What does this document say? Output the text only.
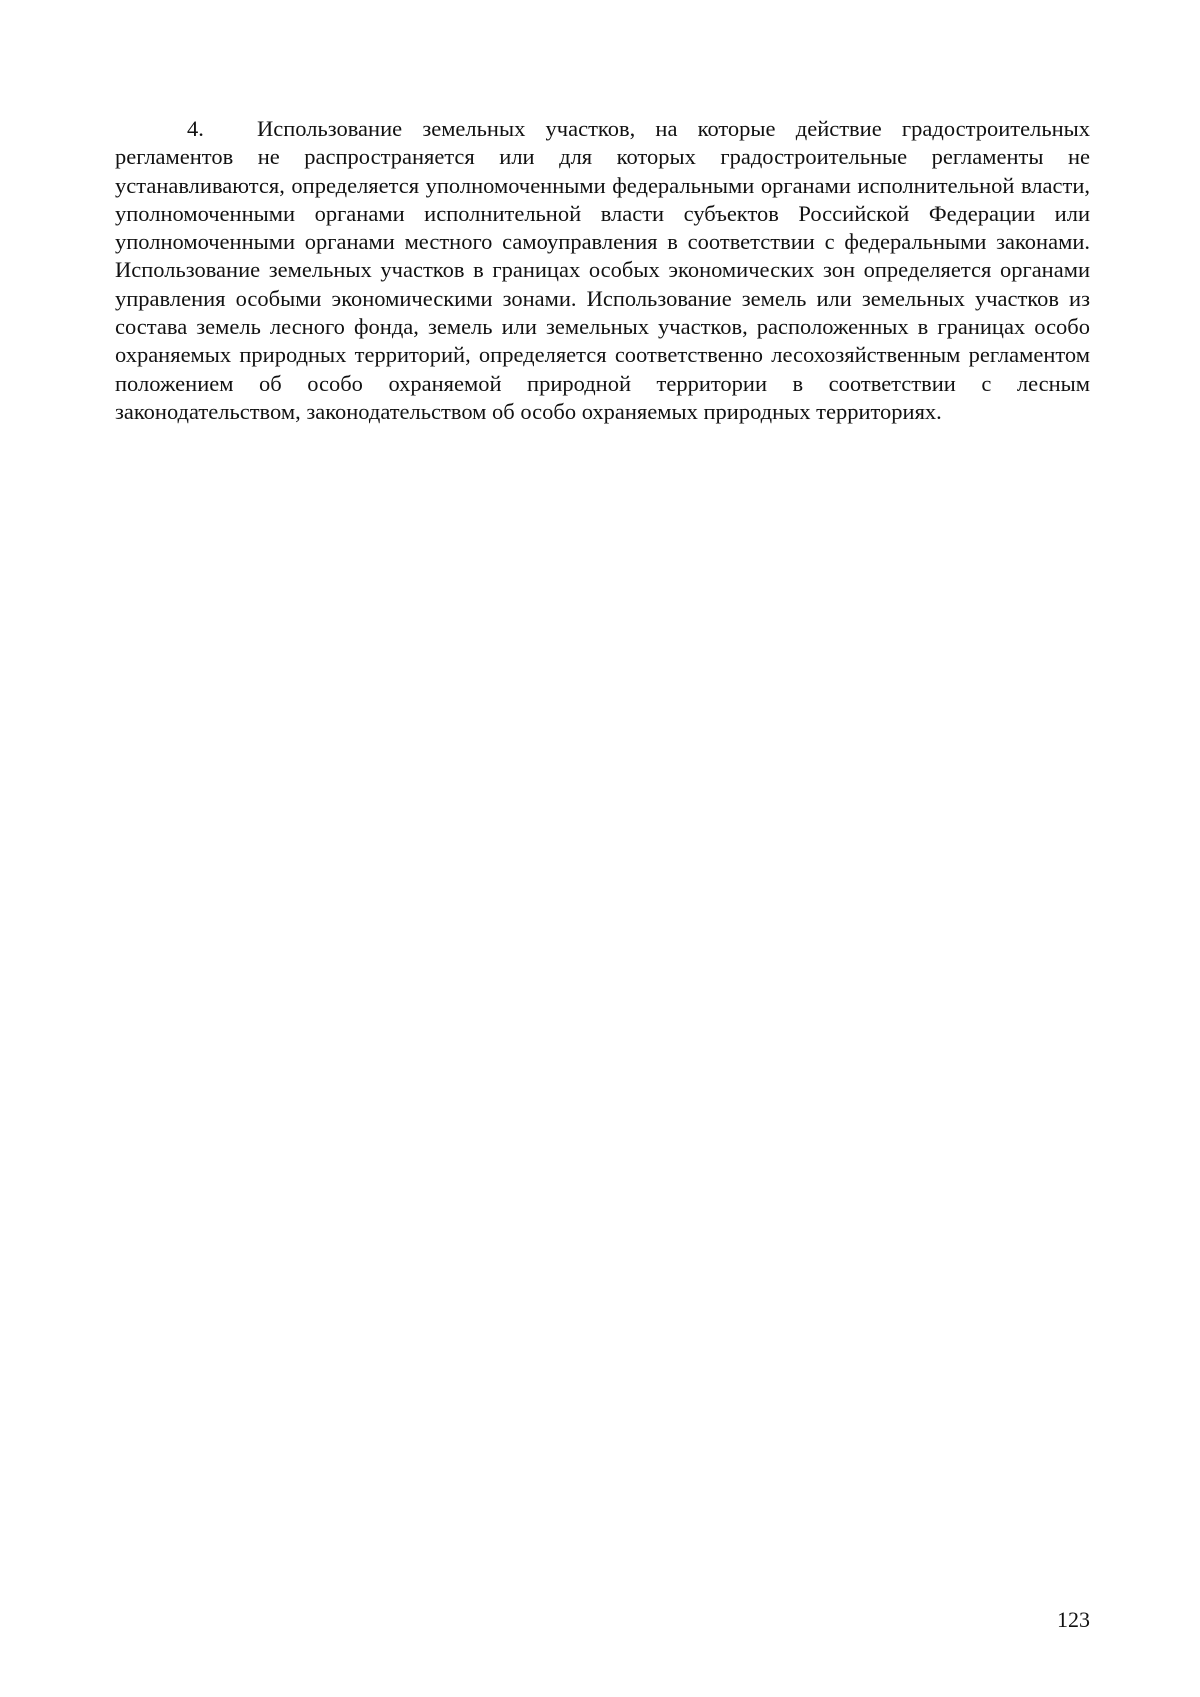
4. Использование земельных участков, на которые действие градостроительных регламентов не распространяется или для которых градостроительные регламенты не устанавливаются, определяется уполномоченными федеральными органами исполнительной власти, уполномоченными органами исполнительной власти субъектов Российской Федерации или уполномоченными органами местного самоуправления в соответствии с федеральными законами. Использование земельных участков в границах особых экономических зон определяется органами управления особыми экономическими зонами. Использование земель или земельных участков из состава земель лесного фонда, земель или земельных участков, расположенных в границах особо охраняемых природных территорий, определяется соответственно лесохозяйственным регламентом положением об особо охраняемой природной территории в соответствии с лесным законодательством, законодательством об особо охраняемых природных территориях.

123
